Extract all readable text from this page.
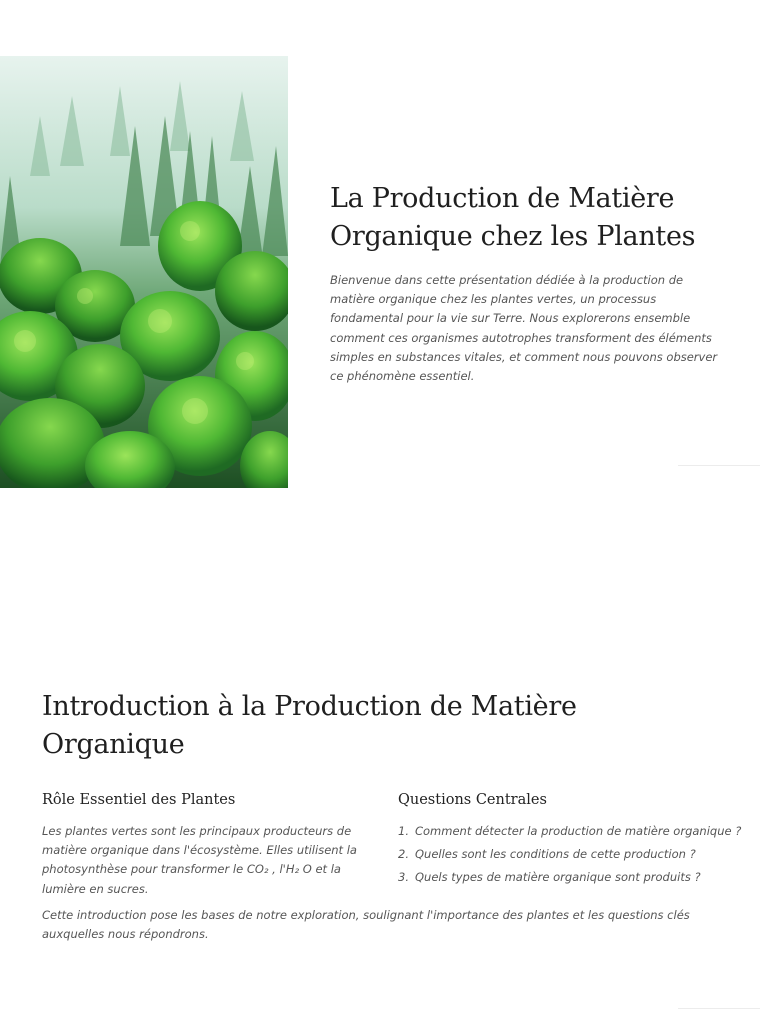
La Production de Matière Organique chez les Plantes

Bienvenue dans cette présentation dédiée à la production de matière organique chez les plantes vertes, un processus fondamental pour la vie sur Terre. Nous explorerons ensemble comment ces organismes autotrophes transforment des éléments simples en substances vitales, et comment nous pouvons observer ce phénomène essentiel.

Introduction à la Production de Matière Organique
Rôle Essentiel des Plantes

Les plantes vertes sont les principaux producteurs de matière organique dans l'écosystème. Elles utilisent la photosynthèse pour transformer le CO₂ , l'H₂ O et la lumière en sucres.

Questions Centrales
1. Comment détecter la production de matière organique ?
2. Quelles sont les conditions de cette production ?
3. Quels types de matière organique sont produits ?

Cette introduction pose les bases de notre exploration, soulignant l'importance des plantes et les questions clés auxquelles nous répondrons.
